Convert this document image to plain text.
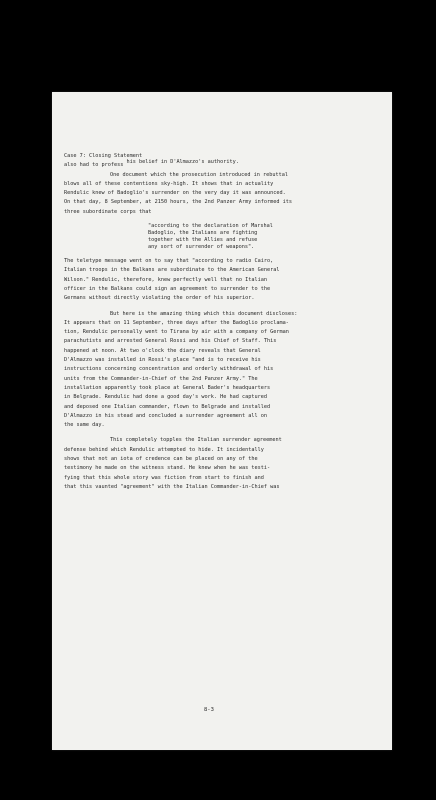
Case 7: Closing Statement
also had to profess his belief in D'Almazzo's authority.
One document which the prosecution introduced in rebuttal
blows all of these contentions sky-high. It shows that in actuality
Rendulic knew of Badoglio's surrender on the very day it was announced.
On that day, 8 September, at 2150 hours, the 2nd Panzer Army informed its
three subordinate corps that
"according to the declaration of Marshal
Badoglio, the Italians are fighting
together with the Allies and refuse
any sort of surrender of weapons".
The teletype message went on to say that "according to radio Cairo,
Italian troops in the Balkans are subordinate to the American General
Wilson." Rendulic, therefore, knew perfectly well that no Italian
officer in the Balkans could sign an agreement to surrender to the
Germans without directly violating the order of his superior.
But here is the amazing thing which this document discloses:
It appears that on 11 September, three days after the Badoglio proclama-
tion, Rendulic personally went to Tirana by air with a company of German
parachutists and arrested General Rossi and his Chief of Staff. This
happened at noon. At two o'clock the diary reveals that General
D'Almazzo was installed in Rossi's place "and is to receive his
instructions concerning concentration and orderly withdrawal of his
units from the Commander-in-Chief of the 2nd Panzer Army." The
installation apparently took place at General Bader's headquarters
in Belgrade. Rendulic had done a good day's work. He had captured
and deposed one Italian commander, flown to Belgrade and installed
D'Almazzo in his stead and concluded a surrender agreement all on
the same day.
This completely topples the Italian surrender agreement
defense behind which Rendulic attempted to hide. It incidentally
shows that not an iota of credence can be placed on any of the
testimony he made on the witness stand. He knew when he was testi-
fying that this whole story was fiction from start to finish and
that this vaunted "agreement" with the Italian Commander-in-Chief was
8-3
